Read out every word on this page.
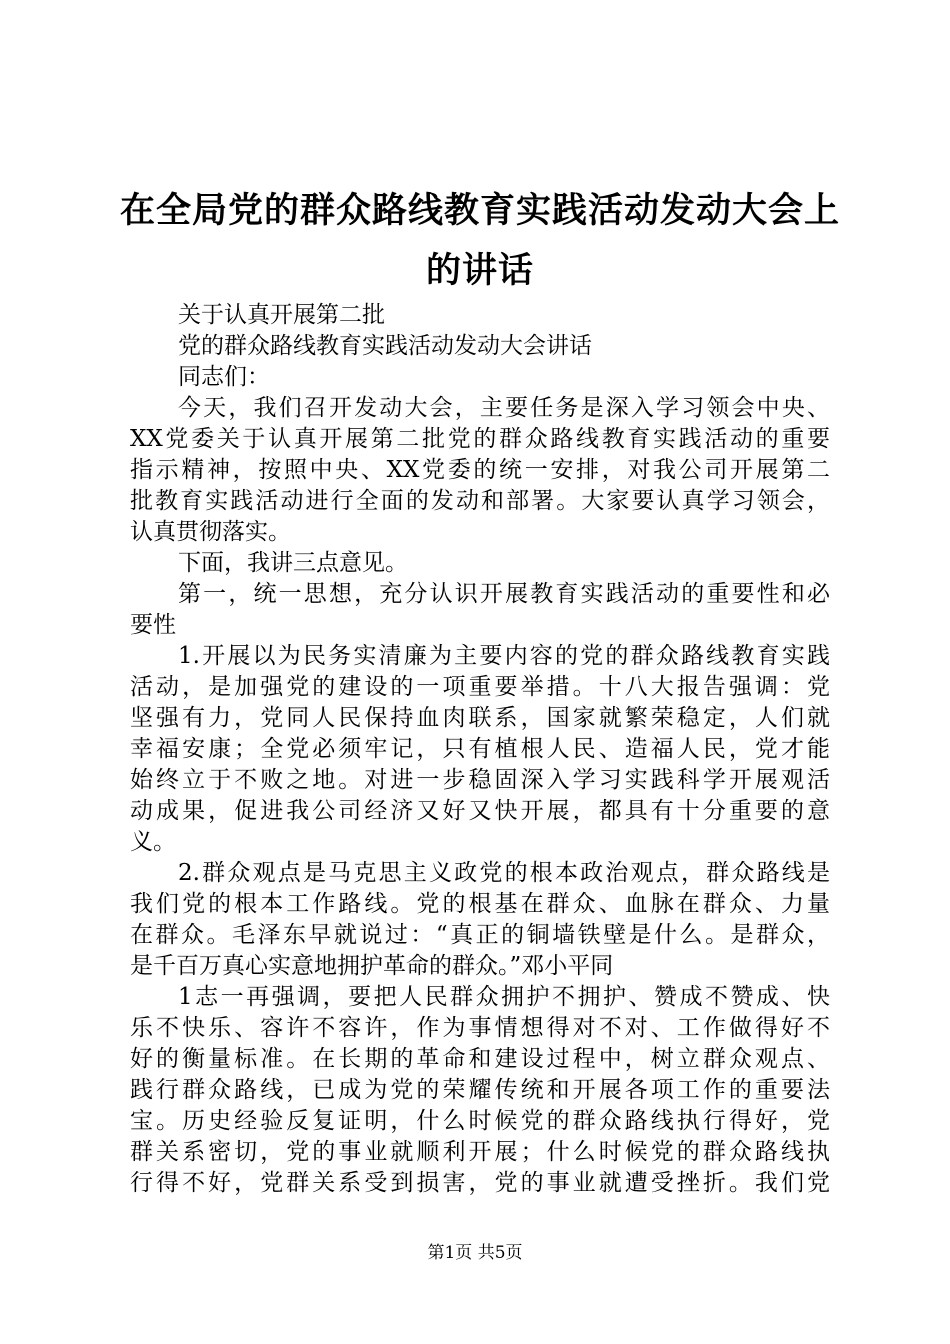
在全局党的群众路线教育实践活动发动大会上
的讲话
关于认真开展第二批
党的群众路线教育实践活动发动大会讲话
同志们：
今天，我们召开发动大会，主要任务是深入学习领会中央、
XX党委关于认真开展第二批党的群众路线教育实践活动的重要
指示精神，按照中央、XX党委的统一安排，对我公司开展第二
批教育实践活动进行全面的发动和部署。大家要认真学习领会，
认真贯彻落实。
下面，我讲三点意见。
第一，统一思想，充分认识开展教育实践活动的重要性和必
要性
1.开展以为民务实清廉为主要内容的党的群众路线教育实践
活动，是加强党的建设的一项重要举措。十八大报告强调：党
坚强有力，党同人民保持血肉联系，国家就繁荣稳定，人们就
幸福安康；全党必须牢记，只有植根人民、造福人民，党才能
始终立于不败之地。对进一步稳固深入学习实践科学开展观活
动成果，促进我公司经济又好又快开展，都具有十分重要的意
义。
2.群众观点是马克思主义政党的根本政治观点，群众路线是
我们党的根本工作路线。党的根基在群众、血脉在群众、力量
在群众。毛泽东早就说过：“真正的铜墙铁壁是什么。是群众，
是千百万真心实意地拥护革命的群众。”邓小平同
1志一再强调，要把人民群众拥护不拥护、赞成不赞成、快
乐不快乐、容许不容许，作为事情想得对不对、工作做得好不
好的衡量标准。在长期的革命和建设过程中，树立群众观点、
践行群众路线，已成为党的荣耀传统和开展各项工作的重要法
宝。历史经验反复证明，什么时候党的群众路线执行得好，党
群关系密切，党的事业就顺利开展；什么时候党的群众路线执
行得不好，党群关系受到损害，党的事业就遭受挫折。我们党
第1页 共5页
